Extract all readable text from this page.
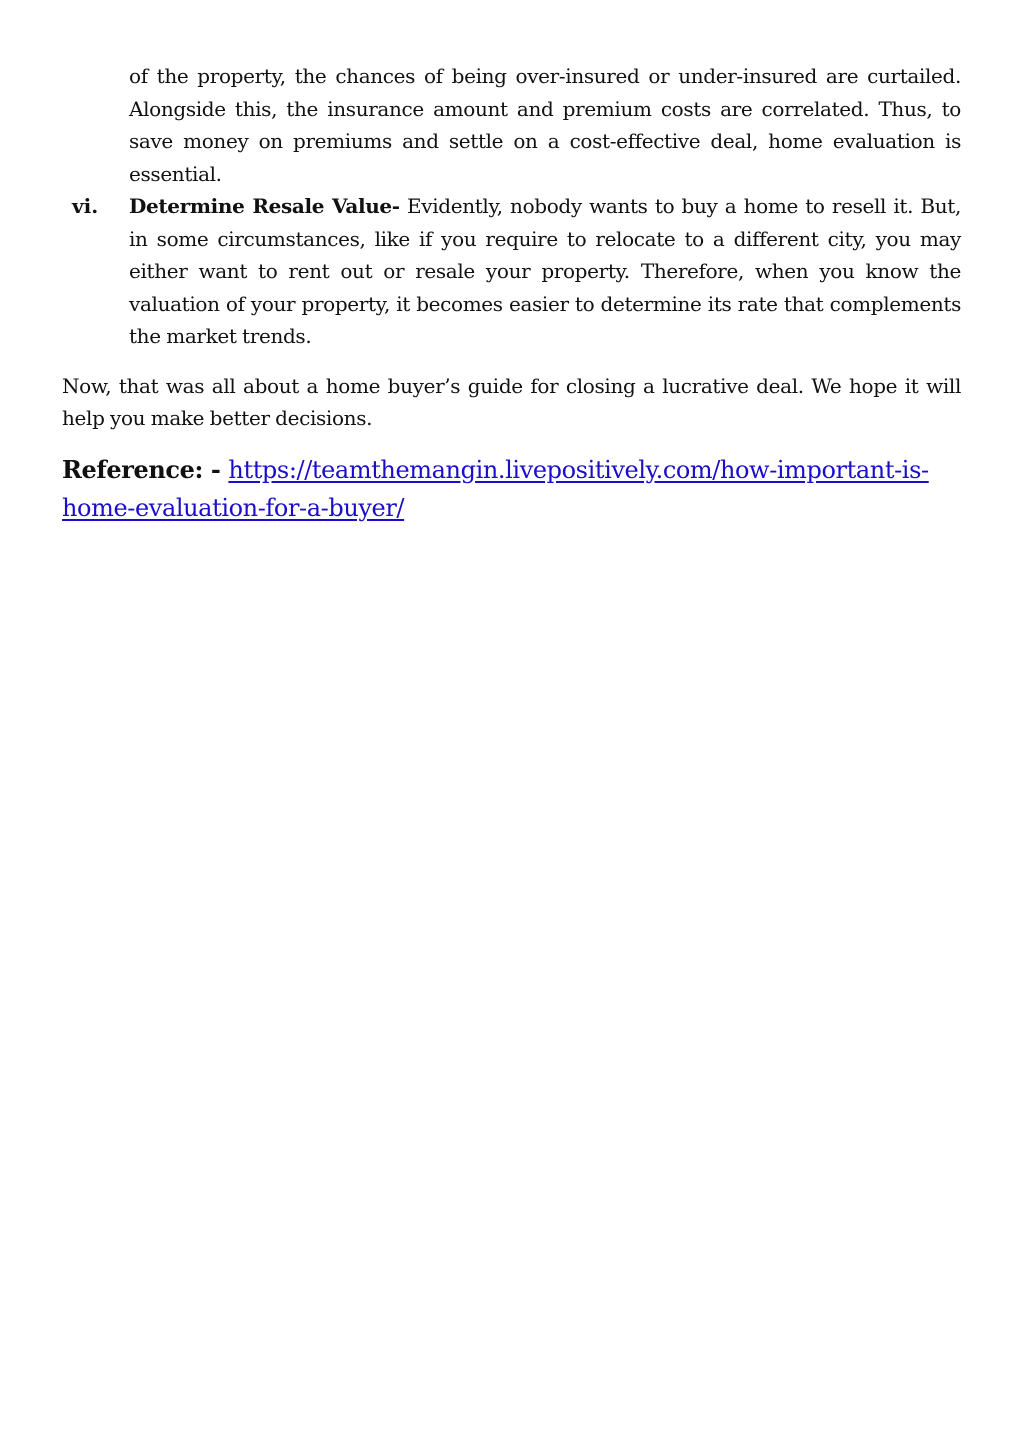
of the property, the chances of being over-insured or under-insured are curtailed. Alongside this, the insurance amount and premium costs are correlated. Thus, to save money on premiums and settle on a cost-effective deal, home evaluation is essential.
vi.	Determine Resale Value- Evidently, nobody wants to buy a home to resell it. But, in some circumstances, like if you require to relocate to a different city, you may either want to rent out or resale your property. Therefore, when you know the valuation of your property, it becomes easier to determine its rate that complements the market trends.
Now, that was all about a home buyer’s guide for closing a lucrative deal. We hope it will help you make better decisions.
Reference: - https://teamthemangin.livepositively.com/how-important-is-home-evaluation-for-a-buyer/
